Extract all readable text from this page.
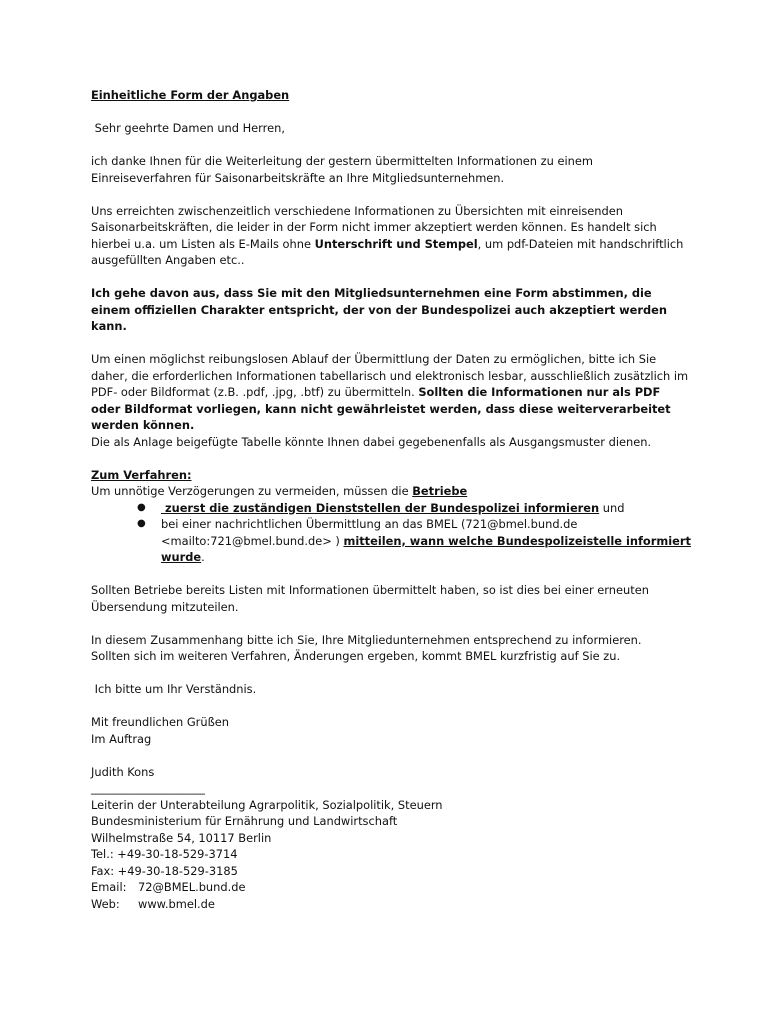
Einheitliche Form der Angaben

Sehr geehrte Damen und Herren,

ich danke Ihnen für die Weiterleitung der gestern übermittelten Informationen zu einem Einreiseverfahren für Saisonarbeitskräfte an Ihre Mitgliedsunternehmen.

Uns erreichten zwischenzeitlich verschiedene Informationen zu Übersichten mit einreisenden Saisonarbeitskräften, die leider in der Form nicht immer akzeptiert werden können. Es handelt sich hierbei u.a. um Listen als E-Mails ohne Unterschrift und Stempel, um pdf-Dateien mit handschriftlich ausgefüllten Angaben etc..

Ich gehe davon aus, dass Sie mit den Mitgliedsunternehmen eine Form abstimmen, die einem offiziellen Charakter entspricht, der von der Bundespolizei auch akzeptiert werden kann.

Um einen möglichst reibungslosen Ablauf der Übermittlung der Daten zu ermöglichen, bitte ich Sie daher, die erforderlichen Informationen tabellarisch und elektronisch lesbar, ausschließlich zusätzlich im PDF- oder Bildformat (z.B. .pdf, .jpg, .btf) zu übermitteln. Sollten die Informationen nur als PDF oder Bildformat vorliegen, kann nicht gewährleistet werden, dass diese weiterverarbeitet werden können.

Die als Anlage beigefügte Tabelle könnte Ihnen dabei gegebenenfalls als Ausgangsmuster dienen.

Zum Verfahren:

Um unnötige Verzögerungen zu vermeiden, müssen die Betriebe

● zuerst die zuständigen Dienststellen der Bundespolizei informieren und
● bei einer nachrichtlichen Übermittlung an das BMEL (721@bmel.bund.de <mailto:721@bmel.bund.de> ) mitteilen, wann welche Bundespolizeistelle informiert wurde.

Sollten Betriebe bereits Listen mit Informationen übermittelt haben, so ist dies bei einer erneuten Übersendung mitzuteilen.

In diesem Zusammenhang bitte ich Sie, Ihre Mitgliedunternehmen entsprechend zu informieren.

Sollten sich im weiteren Verfahren, Änderungen ergeben, kommt BMEL kurzfristig auf Sie zu.

Ich bitte um Ihr Verständnis.

Mit freundlichen Grüßen

Im Auftrag

Judith Kons

____________________

Leiterin der Unterabteilung Agrarpolitik, Sozialpolitik, Steuern

Bundesministerium für Ernährung und Landwirtschaft

Wilhelmstraße 54, 10117 Berlin

Tel.: +49-30-18-529-3714

Fax: +49-30-18-529-3185

Email: 72@BMEL.bund.de

Web: www.bmel.de
